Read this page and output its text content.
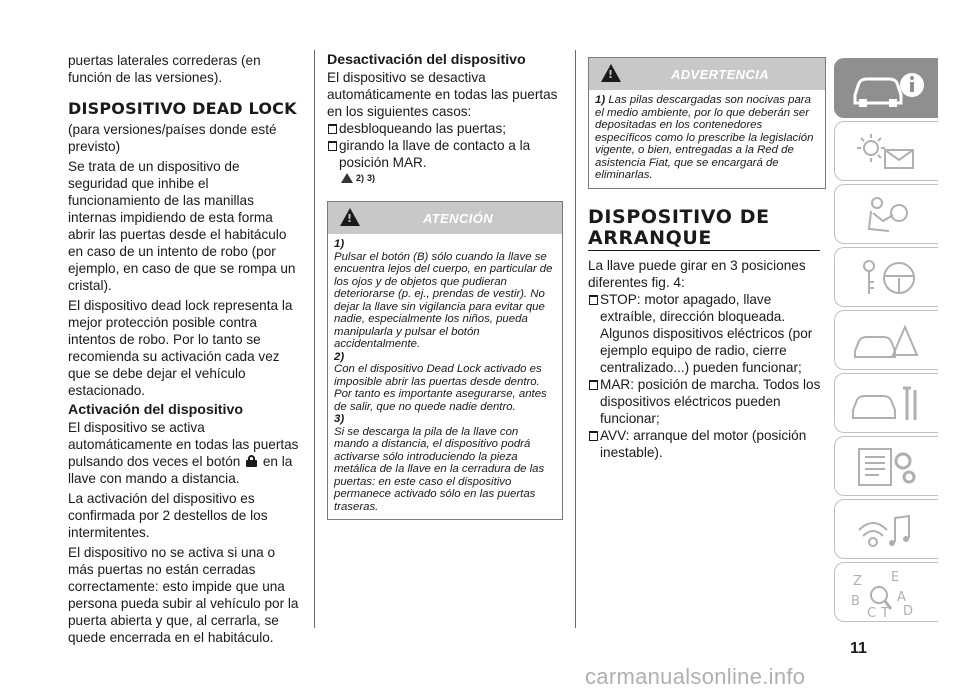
puertas laterales correderas (en función de las versiones).

DISPOSITIVO DEAD LOCK

(para versiones/países donde esté previsto)

Se trata de un dispositivo de seguridad que inhibe el funcionamiento de las manillas internas impidiendo de esta forma abrir las puertas desde el habitáculo en caso de un intento de robo (por ejemplo, en caso de que se rompa un cristal).

El dispositivo dead lock representa la mejor protección posible contra intentos de robo. Por lo tanto se recomienda su activación cada vez que se debe dejar el vehículo estacionado.

Activación del dispositivo

El dispositivo se activa automáticamente en todas las puertas pulsando dos veces el botón en la llave con mando a distancia.

La activación del dispositivo es confirmada por 2 destellos de los intermitentes.

El dispositivo no se activa si una o más puertas no están cerradas correctamente: esto impide que una persona pueda subir al vehículo por la puerta abierta y que, al cerrarla, se quede encerrada en el habitáculo.

Desactivación del dispositivo

El dispositivo se desactiva automáticamente en todas las puertas en los siguientes casos:

desbloqueando las puertas;
girando la llave de contacto a la posición MAR.
2) 3)
!
ATENCIÓN
1)
Pulsar el botón (B) sólo cuando la llave se encuentra lejos del cuerpo, en particular de los ojos y de objetos que pudieran deteriorarse (p. ej., prendas de vestir). No dejar la llave sin vigilancia para evitar que nadie, especialmente los niños, pueda manipularla y pulsar el botón accidentalmente.
2)
Con el dispositivo Dead Lock activado es imposible abrir las puertas desde dentro. Por tanto es importante asegurarse, antes de salir, que no quede nadie dentro.
3)
Si se descarga la pila de la llave con mando a distancia, el dispositivo podrá activarse sólo introduciendo la pieza metálica de la llave en la cerradura de las puertas: en este caso el dispositivo permanece activado sólo en las puertas traseras.
!
ADVERTENCIA
1) Las pilas descargadas son nocivas para el medio ambiente, por lo que deberán ser depositadas en los contenedores específicos como lo prescribe la legislación vigente, o bien, entregadas a la Red de asistencia Fiat, que se encargará de eliminarlas.
DISPOSITIVO DE ARRANQUE

La llave puede girar en 3 posiciones diferentes fig. 4:

STOP: motor apagado, llave extraíble, dirección bloqueada. Algunos dispositivos eléctricos (por ejemplo equipo de radio, cierre centralizado...) pueden funcionar;
MAR: posición de marcha. Todos los dispositivos eléctricos pueden funcionar;
AVV: arranque del motor (posición inestable).
Z E
B	A
C T D
11
carmanualsonline.info
